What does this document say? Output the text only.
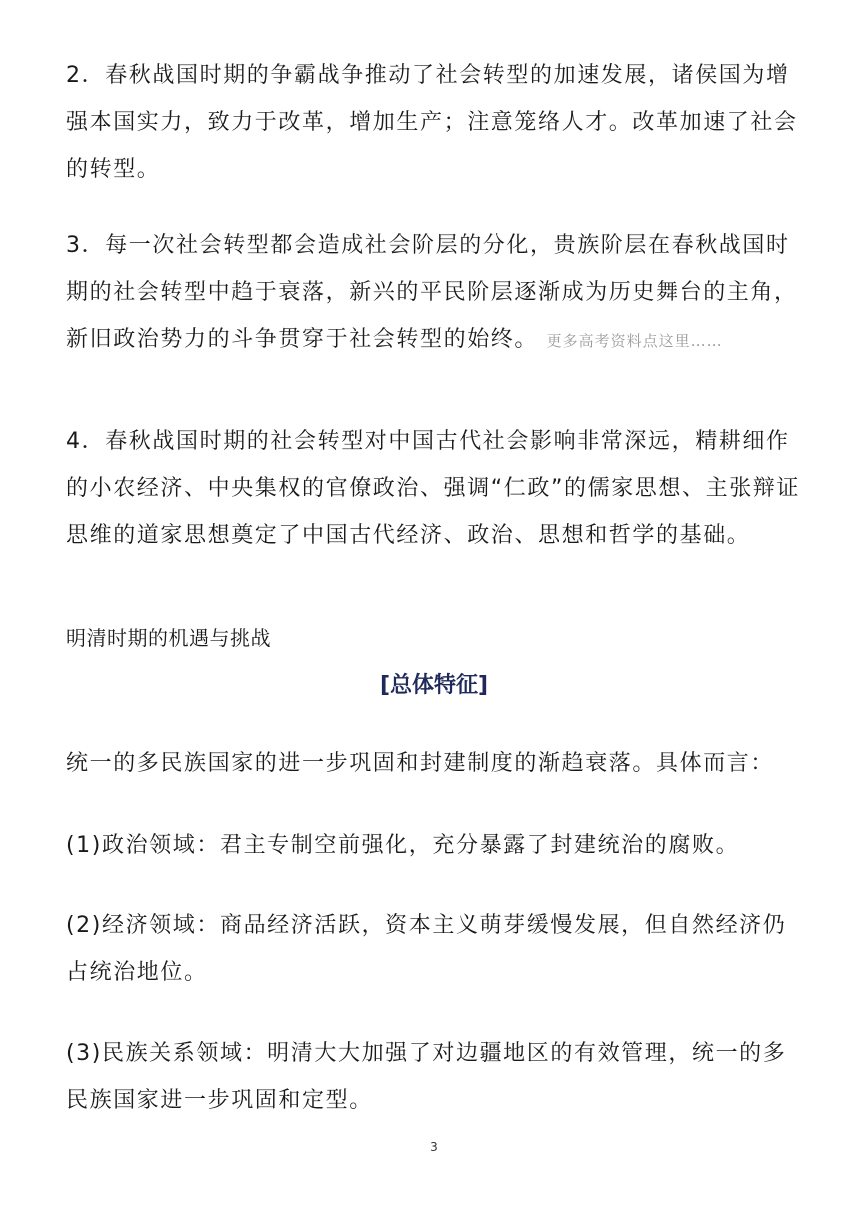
2．春秋战国时期的争霸战争推动了社会转型的加速发展，诸侯国为增强本国实力，致力于改革，增加生产；注意笼络人才。改革加速了社会的转型。

3．每一次社会转型都会造成社会阶层的分化，贵族阶层在春秋战国时期的社会转型中趋于衰落，新兴的平民阶层逐渐成为历史舞台的主角，新旧政治势力的斗争贯穿于社会转型的始终。 更多高考资料点这里……

4．春秋战国时期的社会转型对中国古代社会影响非常深远，精耕细作的小农经济、中央集权的官僚政治、强调“仁政”的儒家思想、主张辩证思维的道家思想奠定了中国古代经济、政治、思想和哲学的基础。

明清时期的机遇与挑战

[总体特征]

统一的多民族国家的进一步巩固和封建制度的渐趋衰落。具体而言：

(1)政治领域：君主专制空前强化，充分暴露了封建统治的腐败。

(2)经济领域：商品经济活跃，资本主义萌芽缓慢发展，但自然经济仍占统治地位。

(3)民族关系领域：明清大大加强了对边疆地区的有效管理，统一的多民族国家进一步巩固和定型。

3
